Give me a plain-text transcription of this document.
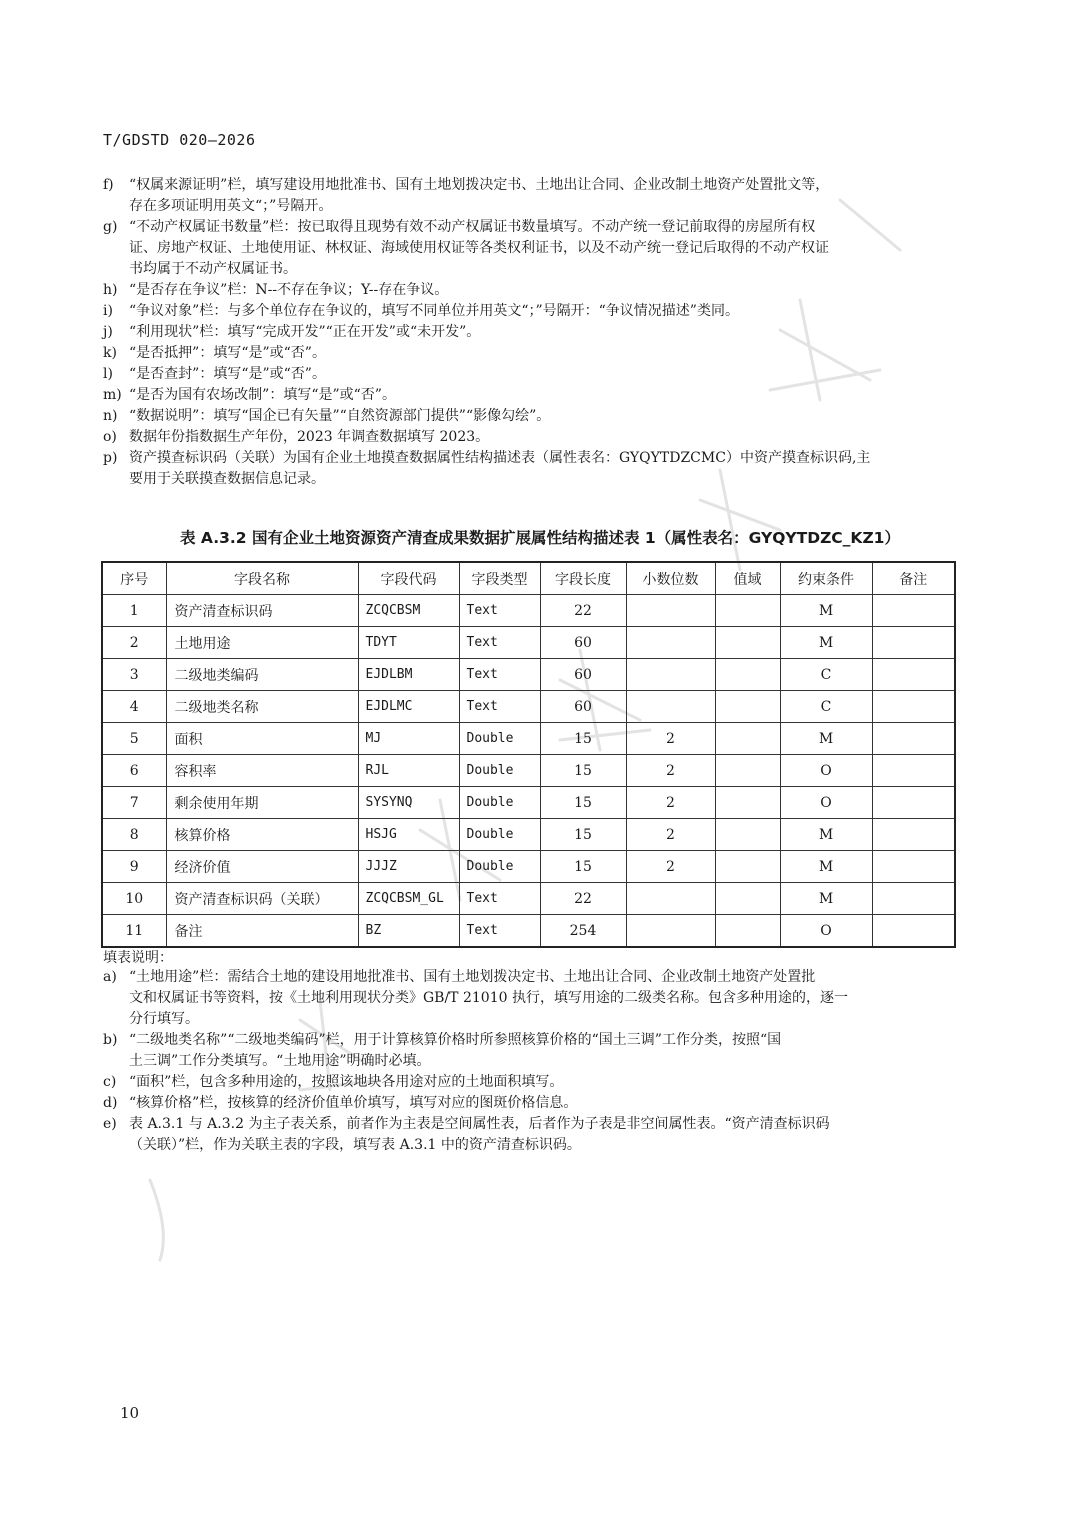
T/GDSTD 020—2026
f) “权属来源证明”栏，填写建设用地批准书、国有土地划拨决定书、土地出让合同、企业改制土地资产处置批文等，
存在多项证明用英文“；”号隔开。
g) “不动产权属证书数量”栏：按已取得且现势有效不动产权属证书数量填写。不动产统一登记前取得的房屋所有权
证、房地产权证、土地使用证、林权证、海域使用权证等各类权利证书，以及不动产统一登记后取得的不动产权证
书均属于不动产权属证书。
h) “是否存在争议”栏：N--不存在争议；Y--存在争议。
i) “争议对象”栏：与多个单位存在争议的，填写不同单位并用英文“；”号隔开：“争议情况描述”类同。
j) “利用现状”栏：填写“完成开发”“正在开发”或“未开发”。
k) “是否抵押”：填写“是”或“否”。
l) “是否查封”：填写“是”或“否”。
m) “是否为国有农场改制”：填写“是”或“否”。
n) “数据说明”：填写“国企已有矢量”“自然资源部门提供”“影像勾绘”。
o) 数据年份指数据生产年份，2023 年调查数据填写 2023。
p) 资产摸查标识码（关联）为国有企业土地摸查数据属性结构描述表（属性表名：GYQYTDZCMC）中资产摸查标识码,主
要用于关联摸查数据信息记录。
表 A.3.2 国有企业土地资源资产清查成果数据扩展属性结构描述表 1（属性表名：GYQYTDZC_KZ1）
序号	字段名称	字段代码	字段类型	字段长度	小数位数	值域	约束条件	备注
1	资产清查标识码	ZCQCBSM	Text	22			M	
2	土地用途	TDYT	Text	60			M	
3	二级地类编码	EJDLBM	Text	60			C	
4	二级地类名称	EJDLMC	Text	60			C	
5	面积	MJ	Double	15	2		M	
6	容积率	RJL	Double	15	2		O	
7	剩余使用年期	SYSYNQ	Double	15	2		O	
8	核算价格	HSJG	Double	15	2		M	
9	经济价值	JJJZ	Double	15	2		M	
10	资产清查标识码（关联）	ZCQCBSM_GL	Text	22			M	
11	备注	BZ	Text	254			O	
填表说明：
a) “土地用途”栏：需结合土地的建设用地批准书、国有土地划拨决定书、土地出让合同、企业改制土地资产处置批
文和权属证书等资料，按《土地利用现状分类》GB/T 21010 执行，填写用途的二级类名称。包含多种用途的，逐一
分行填写。
b) “二级地类名称”“二级地类编码”栏，用于计算核算价格时所参照核算价格的“国土三调”工作分类，按照“国
土三调”工作分类填写。“土地用途”明确时必填。
c) “面积”栏，包含多种用途的，按照该地块各用途对应的土地面积填写。
d) “核算价格”栏，按核算的经济价值单价填写，填写对应的图斑价格信息。
e) 表 A.3.1 与 A.3.2 为主子表关系，前者作为主表是空间属性表，后者作为子表是非空间属性表。“资产清查标识码
（关联）”栏，作为关联主表的字段，填写表 A.3.1 中的资产清查标识码。
10
